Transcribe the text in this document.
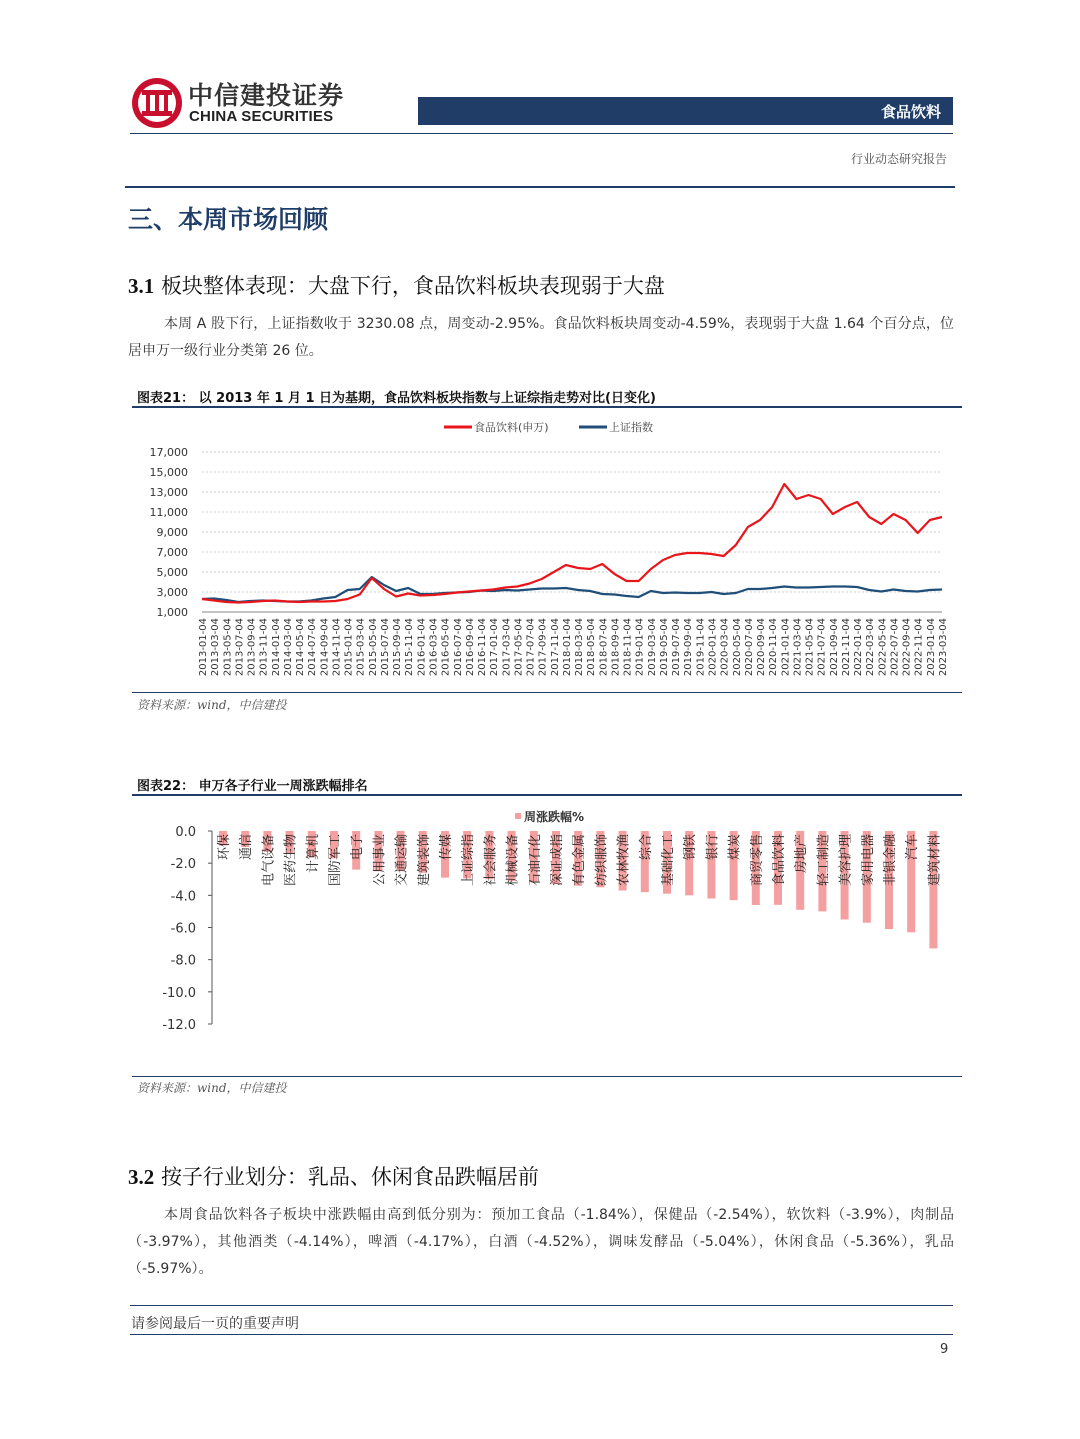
中信建投证券
CHINA SECURITIES	食品饮料
行业动态研究报告
三、本周市场回顾
3.1 板块整体表现：大盘下行，食品饮料板块表现弱于大盘
本周 A 股下行，上证指数收于 3230.08 点，周变动-2.95%。食品饮料板块周变动-4.59%，表现弱于大盘 1.64 个百分点，位居申万一级行业分类第 26 位。
图表21： 以 2013 年 1 月 1 日为基期，食品饮料板块指数与上证综指走势对比(日变化)
食品饮料(申万)	上证指数
17,000
15,000
13,000
11,000
9,000
7,000
5,000
3,000
1,000
2013-01-04 2013-03-04 2013-05-04 2013-07-04 2013-09-04 2013-11-04 2014-01-04 2014-03-04 2014-05-04 2014-07-04 2014-09-04 2014-11-04 2015-01-04 2015-03-04 2015-05-04 2015-07-04 2015-09-04 2015-11-04 2016-01-04 2016-03-04 2016-05-04 2016-07-04 2016-09-04 2016-11-04 2017-01-04 2017-03-04 2017-05-04 2017-07-04 2017-09-04 2017-11-04 2018-01-04 2018-03-04 2018-05-04 2018-07-04 2018-09-04 2018-11-04 2019-01-04 2019-03-04 2019-05-04 2019-07-04 2019-09-04 2019-11-04 2020-01-04 2020-03-04 2020-05-04 2020-07-04 2020-09-04 2020-11-04 2021-01-04 2021-03-04 2021-05-04 2021-07-04 2021-09-04 2021-11-04 2022-01-04 2022-03-04 2022-05-04 2022-07-04 2022-09-04 2022-11-04 2023-01-04 2023-03-04
资料来源：wind，中信建投
图表22： 申万各子行业一周涨跌幅排名
周涨跌幅%
0.0
-2.0
-4.0
-6.0
-8.0
-10.0
-12.0
环保 通信 电气设备 医药生物 计算机 国防军工 电子 公用事业 交通运输 建筑装饰 传媒 上证综指 社会服务 机械设备 石油石化 深证成指 有色金属 纺织服饰 农林牧渔 综合 基础化工 钢铁 银行 煤炭 商贸零售 食品饮料 房地产 轻工制造 美容护理 家用电器 非银金融 汽车 建筑材料
资料来源：wind，中信建投
3.2 按子行业划分：乳品、休闲食品跌幅居前
本周食品饮料各子板块中涨跌幅由高到低分别为：预加工食品（-1.84%），保健品（-2.54%），软饮料（-3.9%），肉制品（-3.97%），其他酒类（-4.14%），啤酒（-4.17%），白酒（-4.52%），调味发酵品（-5.04%），休闲食品（-5.36%），乳品（-5.97%）。
请参阅最后一页的重要声明
9
